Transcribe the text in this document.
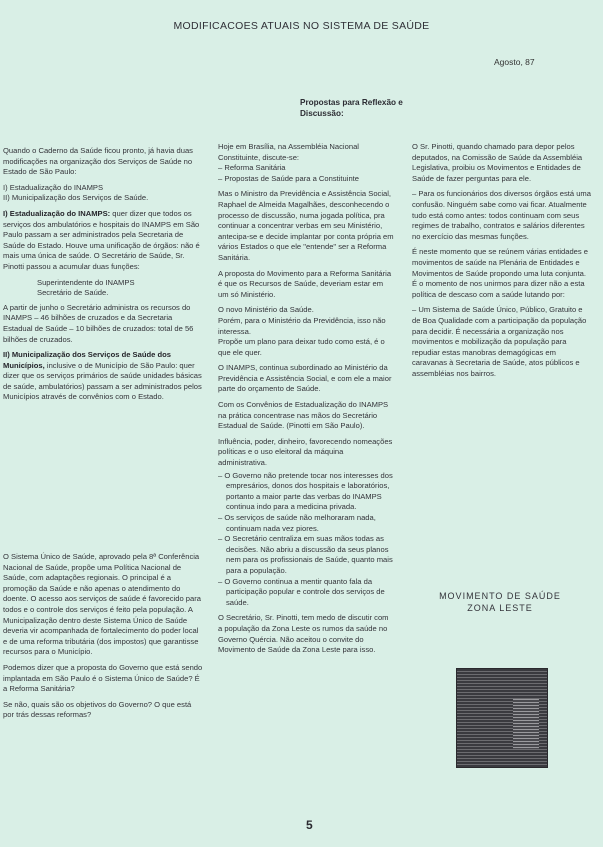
MODIFICACOES ATUAIS NO SISTEMA DE SAÚDE
Agosto, 87
Propostas para Reflexão e
Discussão:

Quando o Caderno da Saúde ficou pronto, já havia duas modificações na organização dos Serviços de Saúde no Estado de São Paulo:

I) Estadualização do INAMPS
II) Municipalização dos Serviços de Saúde.

I) Estadualização do INAMPS: quer dizer que todos os serviços dos ambulatórios e hospitais do INAMPS em São Paulo passam a ser administrados pela Secretaria de Saúde do Estado. Houve uma unificação de órgãos: não é mais uma única de saúde. O Secretário de Saúde, Sr. Pinotti passou a acumular duas funções:

Superintendente do INAMPS
Secretário de Saúde.

A partir de junho o Secretário administra os recursos do INAMPS – 46 bilhões de cruzados e da Secretaria Estadual de Saúde – 10 bilhões de cruzados: total de 56 bilhões de cruzados.

II) Municipalização dos Serviços de Saúde dos Municípios, inclusive o de Município de São Paulo: quer dizer que os serviços primários de saúde unidades básicas de saúde, ambulatórios) passam a ser administrados pelos Municípios através de convênios com o Estado.

O Sistema Único de Saúde, aprovado pela 8ª Conferência Nacional de Saúde, propõe uma Política Nacional de Saúde, com adaptações regionais. O principal é a promoção da Saúde e não apenas o atendimento do doente. O acesso aos serviços de saúde é favorecido para todos e o controle dos serviços é feito pela população. A Municipalização dentro deste Sistema Único de Saúde deveria vir acompanhada de fortalecimento do poder local e de uma reforma tributária (dos impostos) que garantisse recursos para o Município.

Podemos dizer que a proposta do Governo que está sendo implantada em São Paulo é o Sistema Único de Saúde? É a Reforma Sanitária?

Se não, quais são os objetivos do Governo? O que está por trás dessas reformas?

Hoje em Brasília, na Assembléia Nacional Constituinte, discute-se:

– Reforma Sanitária
– Propostas de Saúde para a Constituinte

Mas o Ministro da Previdência e Assistência Social, Raphael de Almeida Magalhães, desconhecendo o processo de discussão, numa jogada política, pra continuar a concentrar verbas em seu Ministério, antecipa-se e decide implantar por conta própria em vários Estados o que ele "entende" ser a Reforma Sanitária.

A proposta do Movimento para a Reforma Sanitária é que os Recursos de Saúde, deveriam estar em um só Ministério.

O novo Ministério da Saúde.

Porém, para o Ministério da Previdência, isso não interessa.

Propõe um plano para deixar tudo como está, é o que ele quer.

O INAMPS, continua subordinado ao Ministério da Previdência e Assistência Social, e com ele a maior parte do orçamento de Saúde.

Com os Convênios de Estadualização do INAMPS na prática concentrase nas mãos do Secretário Estadual de Saúde. (Pinotti em São Paulo).

Influência, poder, dinheiro, favorecendo nomeações políticas e o uso eleitoral da máquina administrativa.

– O Governo não pretende tocar nos interesses dos empresários, donos dos hospitais e laboratórios, portanto a maior parte das verbas do INAMPS continua indo para a medicina privada.
– Os serviços de saúde não melhoraram nada, continuam nada vez piores.
– O Secretário centraliza em suas mãos todas as decisões. Não abriu a discussão da seus planos nem para os profissionais de Saúde, quanto mais para a população.
– O Governo continua a mentir quanto fala da participação popular e controle dos serviços de saúde.

O Secretário, Sr. Pinotti, tem medo de discutir com a população da Zona Leste os rumos da saúde no Governo Quércia. Não aceitou o convite do Movimento de Saúde da Zona Leste para isso.

O Sr. Pinotti, quando chamado para depor pelos deputados, na Comissão de Saúde da Assembléia Legislativa, proibiu os Movimentos e Entidades de Saúde de fazer perguntas para ele.

– Para os funcionários dos diversos órgãos está uma confusão. Ninguém sabe como vai ficar. Atualmente tudo está como antes: todos continuam com seus regimes de trabalho, contratos e salários diferentes no exercício das mesmas funções.

É neste momento que se reúnem várias entidades e movimentos de saúde na Plenária de Entidades e Movimentos de Saúde propondo uma luta conjunta. É o momento de nos unirmos para dizer não a esta política de descaso com a saúde lutando por:

– Um Sistema de Saúde Único, Público, Gratuito e de Boa Qualidade com a participação da população para decidir. É necessária a organização nos movimentos e mobilização da população para repudiar estas manobras demagógicas em caravanas à Secretaria de Saúde, atos públicos e assembléias nos bairros.

MOVIMENTO DE SAÚDE
ZONA LESTE
5
